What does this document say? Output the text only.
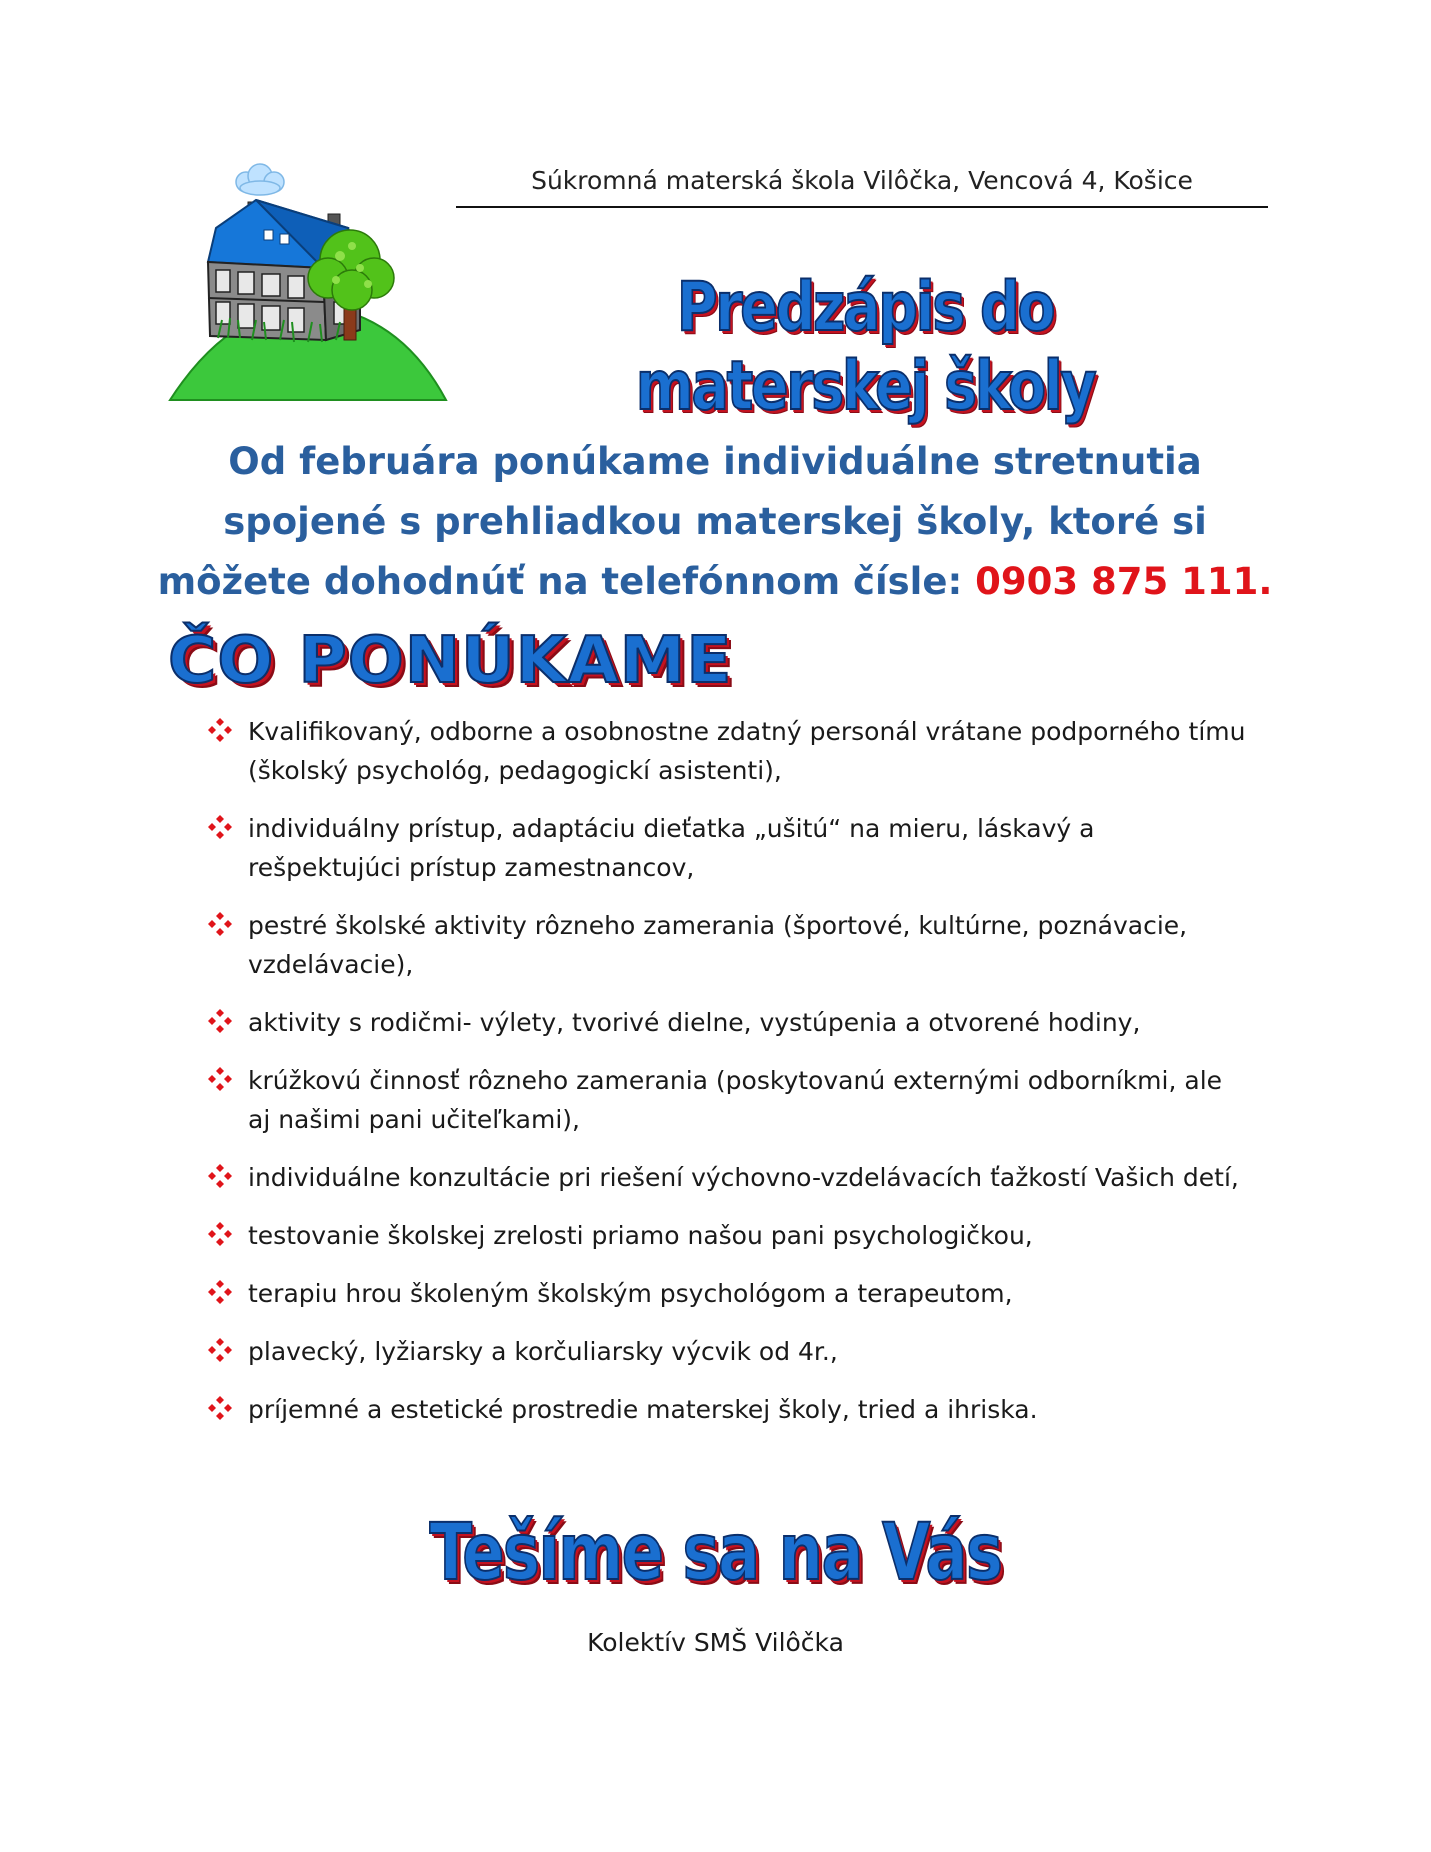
Súkromná materská škola Vilôčka, Vencová 4, Košice
Predzápis do materskej školy
Od februára ponúkame individuálne stretnutia spojené s prehliadkou materskej školy, ktoré si môžete dohodnúť na telefónnom čísle: 0903 875 111.
ČO PONÚKAME
Kvalifikovaný, odborne a osobnostne zdatný personál vrátane podporného tímu (školský psychológ, pedagogickí asistenti),
individuálny prístup, adaptáciu dieťatka „ušitú“ na mieru, láskavý a rešpektujúci prístup zamestnancov,
pestré školské aktivity rôzneho zamerania (športové, kultúrne, poznávacie, vzdelávacie),
aktivity s rodičmi- výlety, tvorivé dielne, vystúpenia a otvorené hodiny,
krúžkovú činnosť rôzneho zamerania (poskytovanú externými odborníkmi, ale aj našimi pani učiteľkami),
individuálne konzultácie pri riešení výchovno-vzdelávacích ťažkostí Vašich detí,
testovanie školskej zrelosti priamo našou pani psychologičkou,
terapiu hrou školeným školským psychológom a terapeutom,
plavecký, lyžiarsky a korčuliarsky výcvik od 4r.,
príjemné a estetické prostredie materskej školy, tried a ihriska.
Tešíme sa na Vás
Kolektív SMŠ Vilôčka
